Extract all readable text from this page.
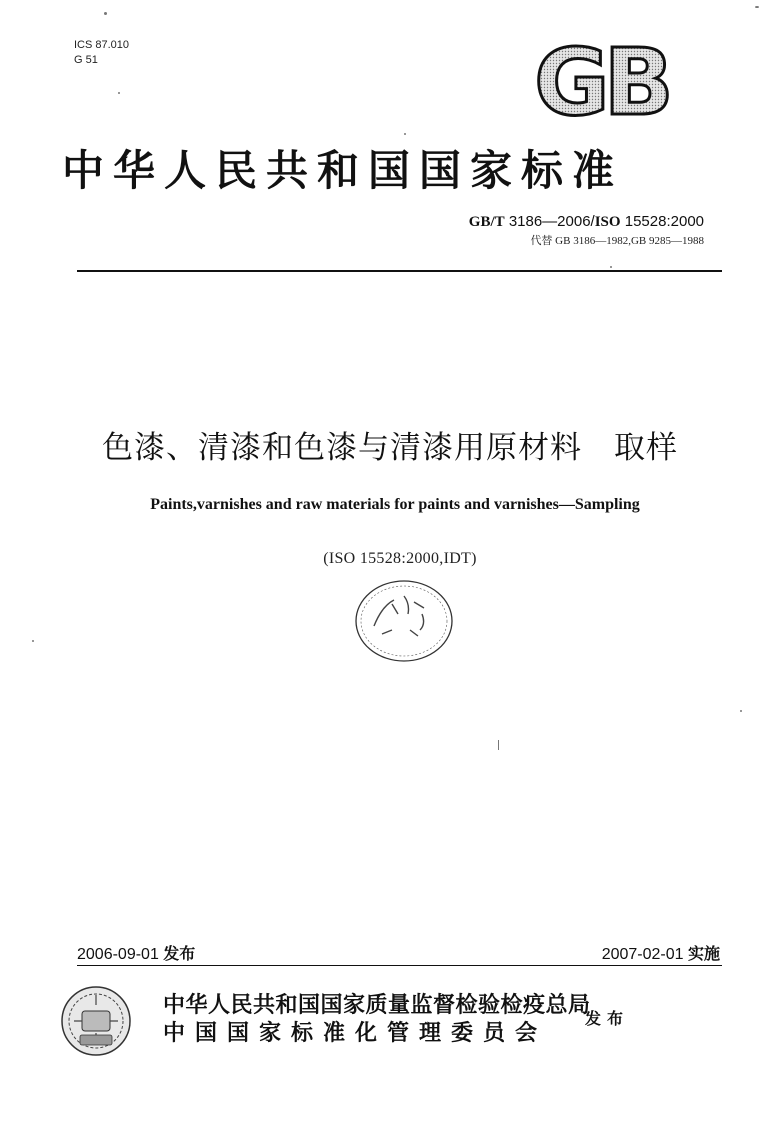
ICS 87.010
G 51	GB
中华人民共和国国家标准
GB/T 3186—2006/ISO 15528:2000
代替 GB 3186—1982,GB 9285—1988
色漆、清漆和色漆与清漆用原材料　取样
Paints,varnishes and raw materials for paints and varnishes—Sampling
(ISO 15528:2000,IDT)
2006-09-01 发布	2007-02-01 实施
中华人民共和国国家质量监督检验检疫总局
中国国家标准化管理委员会
发布
